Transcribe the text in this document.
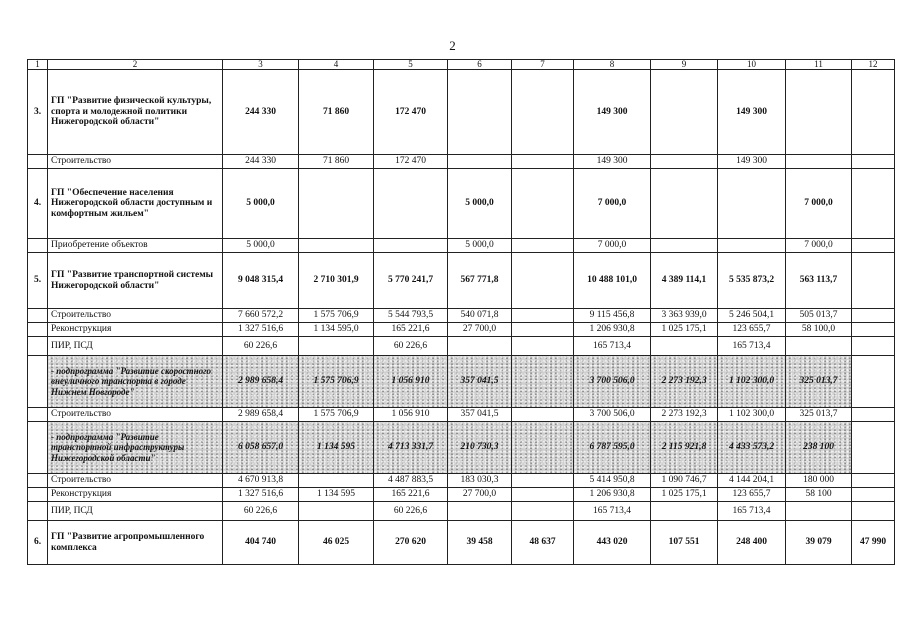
2
1	2	3	4	5	6	7	8	9	10	11	12
3.	ГП "Развитие физической культуры, спорта и молодежной политики Нижегородской области"	244 330	71 860	172 470			149 300		149 300		
	Строительство	244 330	71 860	172 470			149 300		149 300		
4.	ГП "Обеспечение населения Нижегородской области доступным и комфортным жильем"	5 000,0			5 000,0		7 000,0			7 000,0	
	Приобретение объектов	5 000,0			5 000,0		7 000,0			7 000,0	
5.	ГП "Развитие транспортной системы Нижегородской области"	9 048 315,4	2 710 301,9	5 770 241,7	567 771,8		10 488 101,0	4 389 114,1	5 535 873,2	563 113,7	
	Строительство	7 660 572,2	1 575 706,9	5 544 793,5	540 071,8		9 115 456,8	3 363 939,0	5 246 504,1	505 013,7	
	Реконструкция	1 327 516,6	1 134 595,0	165 221,6	27 700,0		1 206 930,8	1 025 175,1	123 655,7	58 100,0	
	ПИР, ПСД	60 226,6		60 226,6			165 713,4		165 713,4		
	- подпрограмма "Развитие скоростного внеуличного транспорта в городе Нижнем Новгороде"	2 989 658,4	1 575 706,9	1 056 910	357 041,5		3 700 506,0	2 273 192,3	1 102 300,0	325 013,7	
	Строительство	2 989 658,4	1 575 706,9	1 056 910	357 041,5		3 700 506,0	2 273 192,3	1 102 300,0	325 013,7	
	- подпрограмма "Развитие транспортной инфраструктуры Нижегородской области"	6 058 657,0	1 134 595	4 713 331,7	210 730,3		6 787 595,0	2 115 921,8	4 433 573,2	238 100	
	Строительство	4 670 913,8		4 487 883,5	183 030,3		5 414 950,8	1 090 746,7	4 144 204,1	180 000	
	Реконструкция	1 327 516,6	1 134 595	165 221,6	27 700,0		1 206 930,8	1 025 175,1	123 655,7	58 100	
	ПИР, ПСД	60 226,6		60 226,6			165 713,4		165 713,4		
6.	ГП "Развитие агропромышленного комплекса	404 740	46 025	270 620	39 458	48 637	443 020	107 551	248 400	39 079	47 990
